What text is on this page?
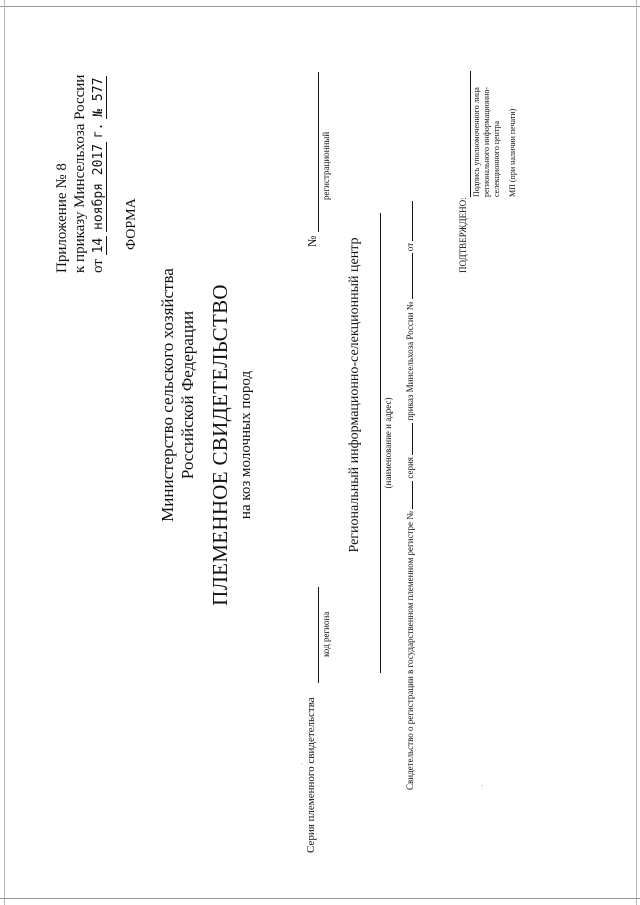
Приложение № 8 к приказу Минсельхоза России от 14 ноября 2017 г. № 577
ФОРМА
Министерство сельского хозяйства Российской Федерации ПЛЕМЕННОЕ СВИДЕТЕЛЬСТВО на коз молочных пород
Серия племенного свидетельства
код региона
№
регистрационный
Региональный информационно-селекционный центр (наименование и адрес)
Свидетельство о регистрации в государственном племенном регистре №  серия  приказ Минсельхоза России №  от	ПОДТВЕРЖДЕНО:
Подпись уполномоченного лица регионального информационно- селекционного центра МП (при наличии печати)
·
·
